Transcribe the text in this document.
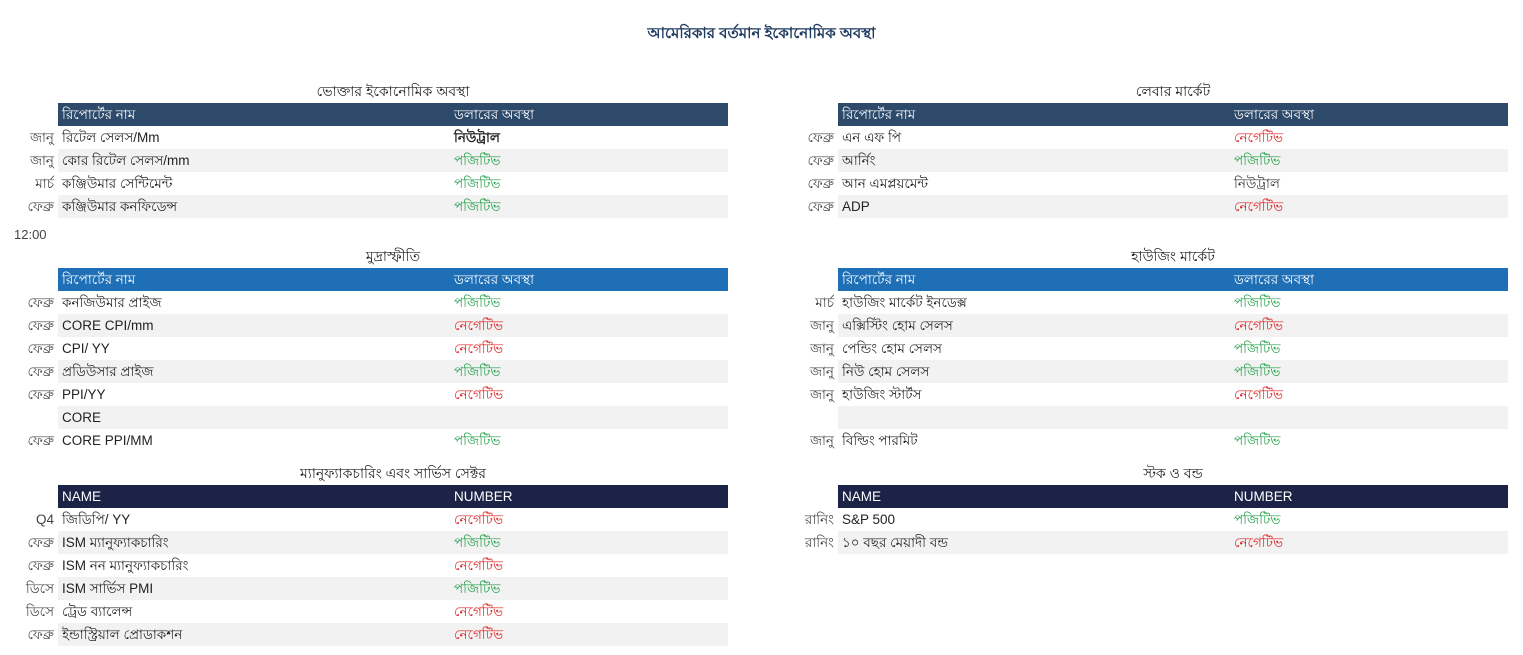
আমেরিকার বর্তমান ইকোনোমিক অবস্থা
ভোক্তার ইকোনোমিক অবস্থা
রিপোর্টের নাম	ডলারের অবস্থা
জানু রিটেল সেলস/Mm	নিউট্রাল
জানু কোর রিটেল সেলস/mm	পজিটিভ
মার্চ কঞ্জিউমার সেন্টিমেন্ট	পজিটিভ
ফেব্রু কঞ্জিউমার কনফিডেন্স	পজিটিভ
মুদ্রাস্ফীতি
রিপোর্টের নাম	ডলারের অবস্থা
ফেব্রু কনজিউমার প্রাইজ	পজিটিভ
ফেব্রু CORE CPI/mm	নেগেটিভ
ফেব্রু CPI/ YY	নেগেটিভ
ফেব্রু প্রডিউসার প্রাইজ	পজিটিভ
ফেব্রু PPI/YY	নেগেটিভ
CORE
ফেব্রু CORE PPI/MM	পজিটিভ
ম্যানুফ্যাকচারিং এবং সার্ভিস সেক্টর
NAME	NUMBER
Q4 জিডিপি/ YY	নেগেটিভ
ফেব্রু ISM ম্যানুফ্যাকচারিং	পজিটিভ
ফেব্রু ISM নন ম্যানুফ্যাকচারিং	নেগেটিভ
ডিসে ISM সার্ভিস PMI	পজিটিভ
ডিসে ট্রেড ব্যালেন্স	নেগেটিভ
ফেব্রু ইন্ডাস্ট্রিয়াল প্রোডাকশন	নেগেটিভ
লেবার মার্কেট
রিপোর্টের নাম	ডলারের অবস্থা
ফেব্রু এন এফ পি	নেগেটিভ
ফেব্রু আর্নিং	পজিটিভ
ফেব্রু আন এমপ্লয়মেন্ট	নিউট্রাল
ফেব্রু ADP	নেগেটিভ
হাউজিং মার্কেট
রিপোর্টের নাম	ডলারের অবস্থা
মার্চ হাউজিং মার্কেট ইনডেক্স	পজিটিভ
জানু এক্সিস্টিং হোম সেলস	নেগেটিভ
জানু পেন্ডিং হোম সেলস	পজিটিভ
জানু নিউ হোম সেলস	পজিটিভ
জানু হাউজিং স্টার্টস	নেগেটিভ
জানু বিল্ডিং পারমিট	পজিটিভ
স্টক ও বন্ড
NAME	NUMBER
রানিং S&P 500	পজিটিভ
রানিং ১০ বছর মেয়াদী বন্ড	নেগেটিভ
12:00
